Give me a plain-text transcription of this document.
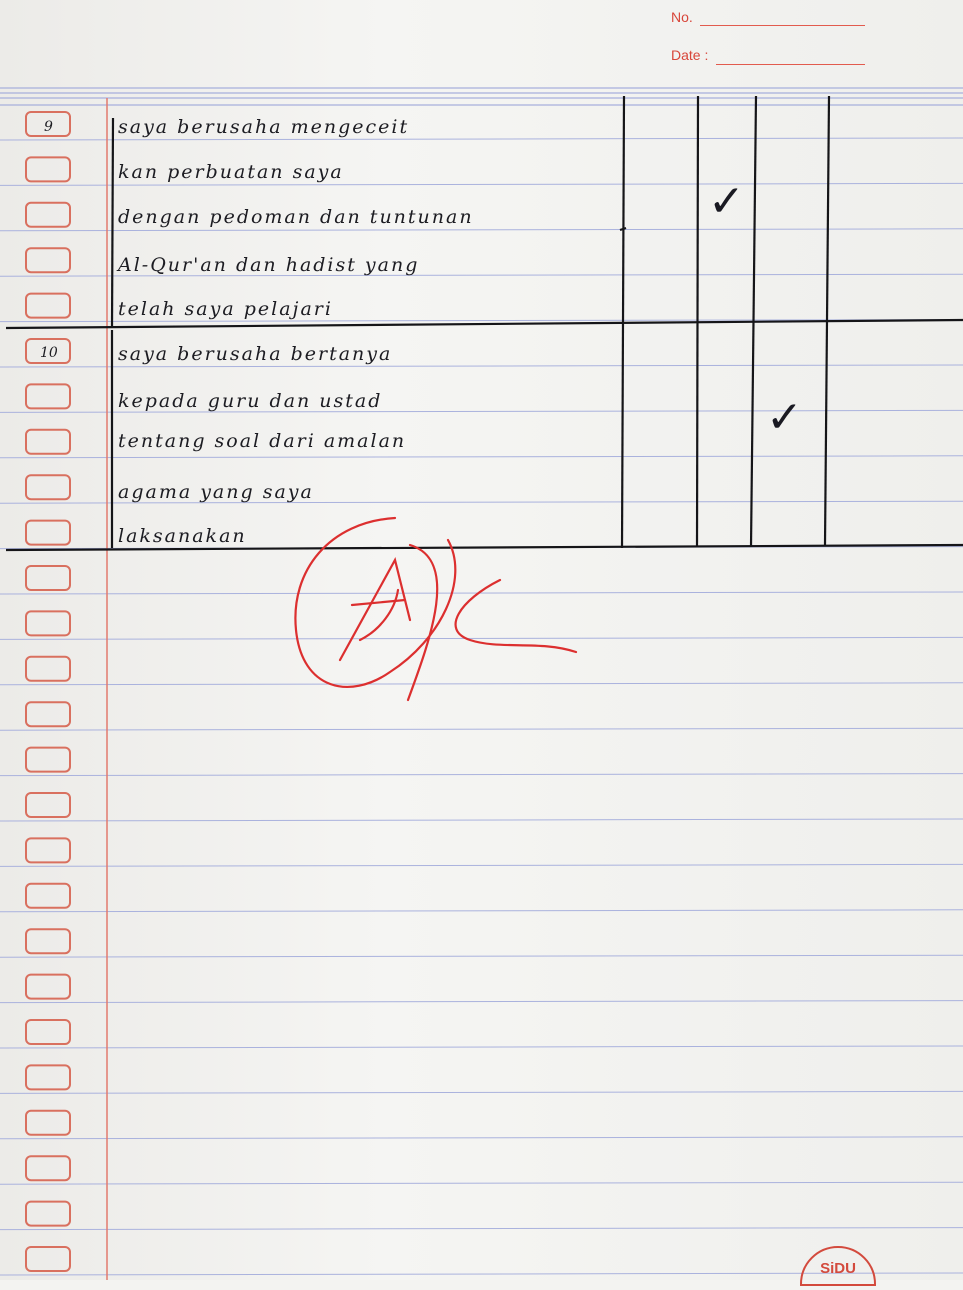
No.
Date :
9	saya berusaha mengeceit
kan perbuatan saya
dengan pedoman dan tuntunan
Al-Qur'an dan hadist yang
telah saya pelajari
✓
10	saya berusaha bertanya
kepada guru dan ustad
tentang soal dari amalan
agama yang saya
laksanakan
✓
SiDU
